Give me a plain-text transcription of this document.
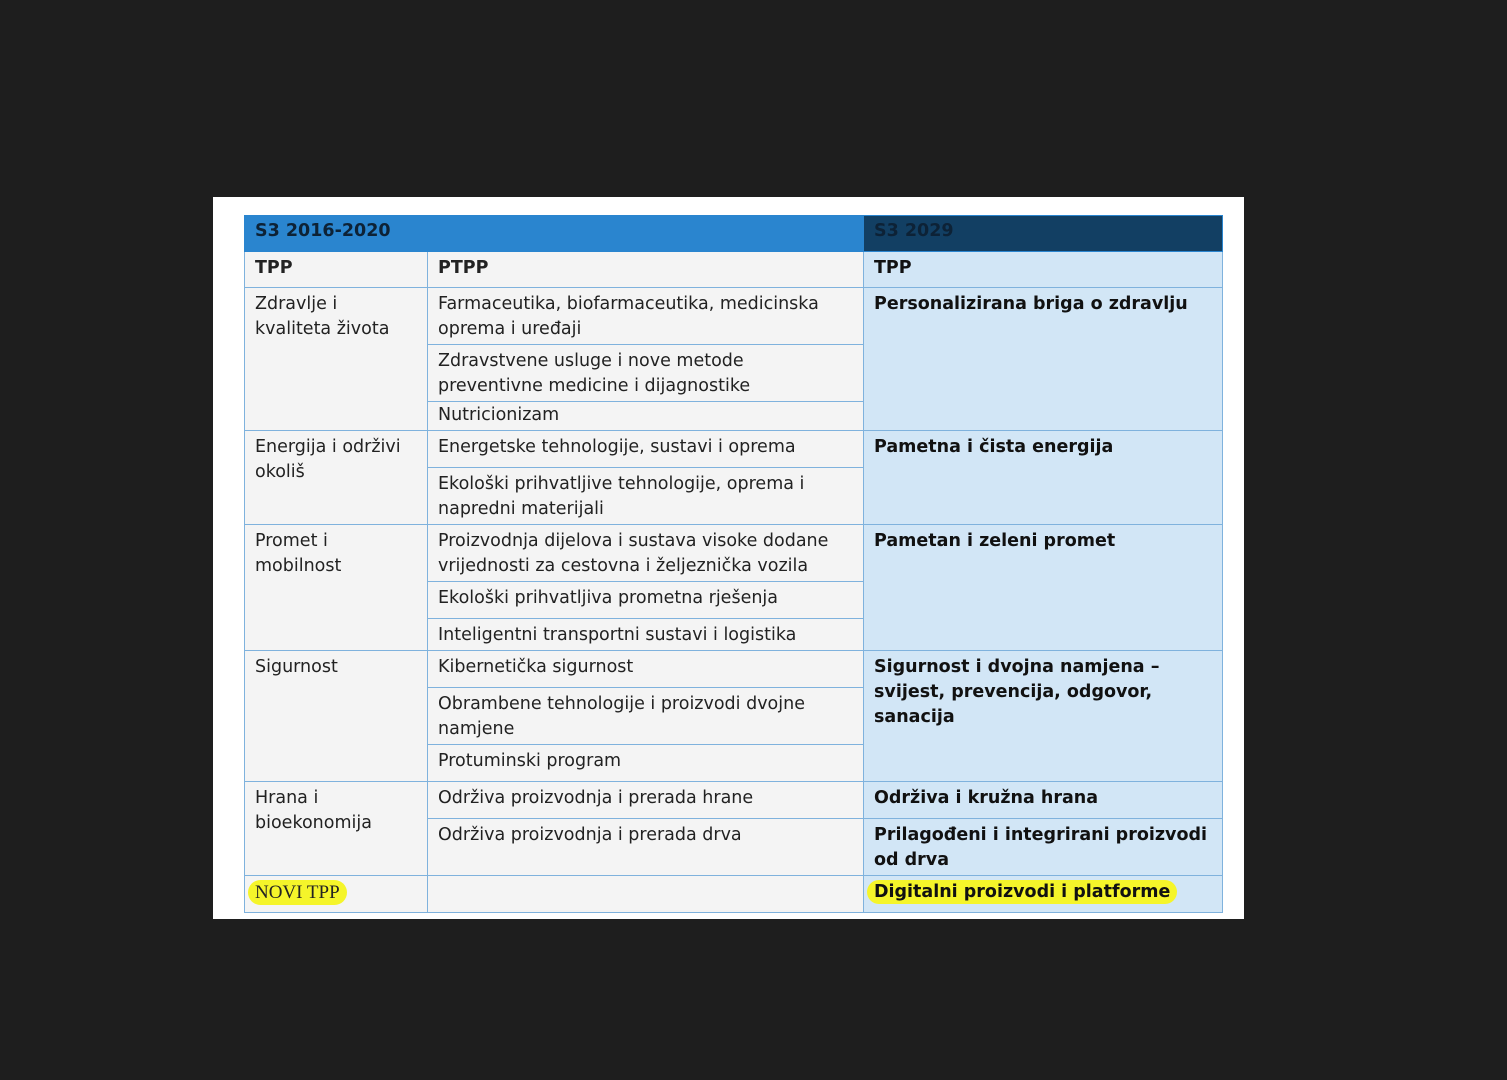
S3 2016-2020		S3 2029
TPP	PTPP	TPP
Zdravlje i kvaliteta života	Farmaceutika, biofarmaceutika, medicinska oprema i uređaji	Personalizirana briga o zdravlju
	Zdravstvene usluge i nove metode preventivne medicine i dijagnostike	
	Nutricionizam	
Energija i održivi okoliš	Energetske tehnologije, sustavi i oprema	Pametna i čista energija
	Ekološki prihvatljive tehnologije, oprema i napredni materijali	
Promet i mobilnost	Proizvodnja dijelova i sustava visoke dodane vrijednosti za cestovna i željeznička vozila	Pametan i zeleni promet
	Ekološki prihvatljiva prometna rješenja	
	Inteligentni transportni sustavi i logistika	
Sigurnost	Kibernetička sigurnost	Sigurnost i dvojna namjena – svijest, prevencija, odgovor, sanacija
	Obrambene tehnologije i proizvodi dvojne namjene	
	Protuminski program	
Hrana i bioekonomija	Održiva proizvodnja i prerada hrane	Održiva i kružna hrana
	Održiva proizvodnja i prerada drva	Prilagođeni i integrirani proizvodi od drva
NOVI TPP		Digitalni proizvodi i platforme
